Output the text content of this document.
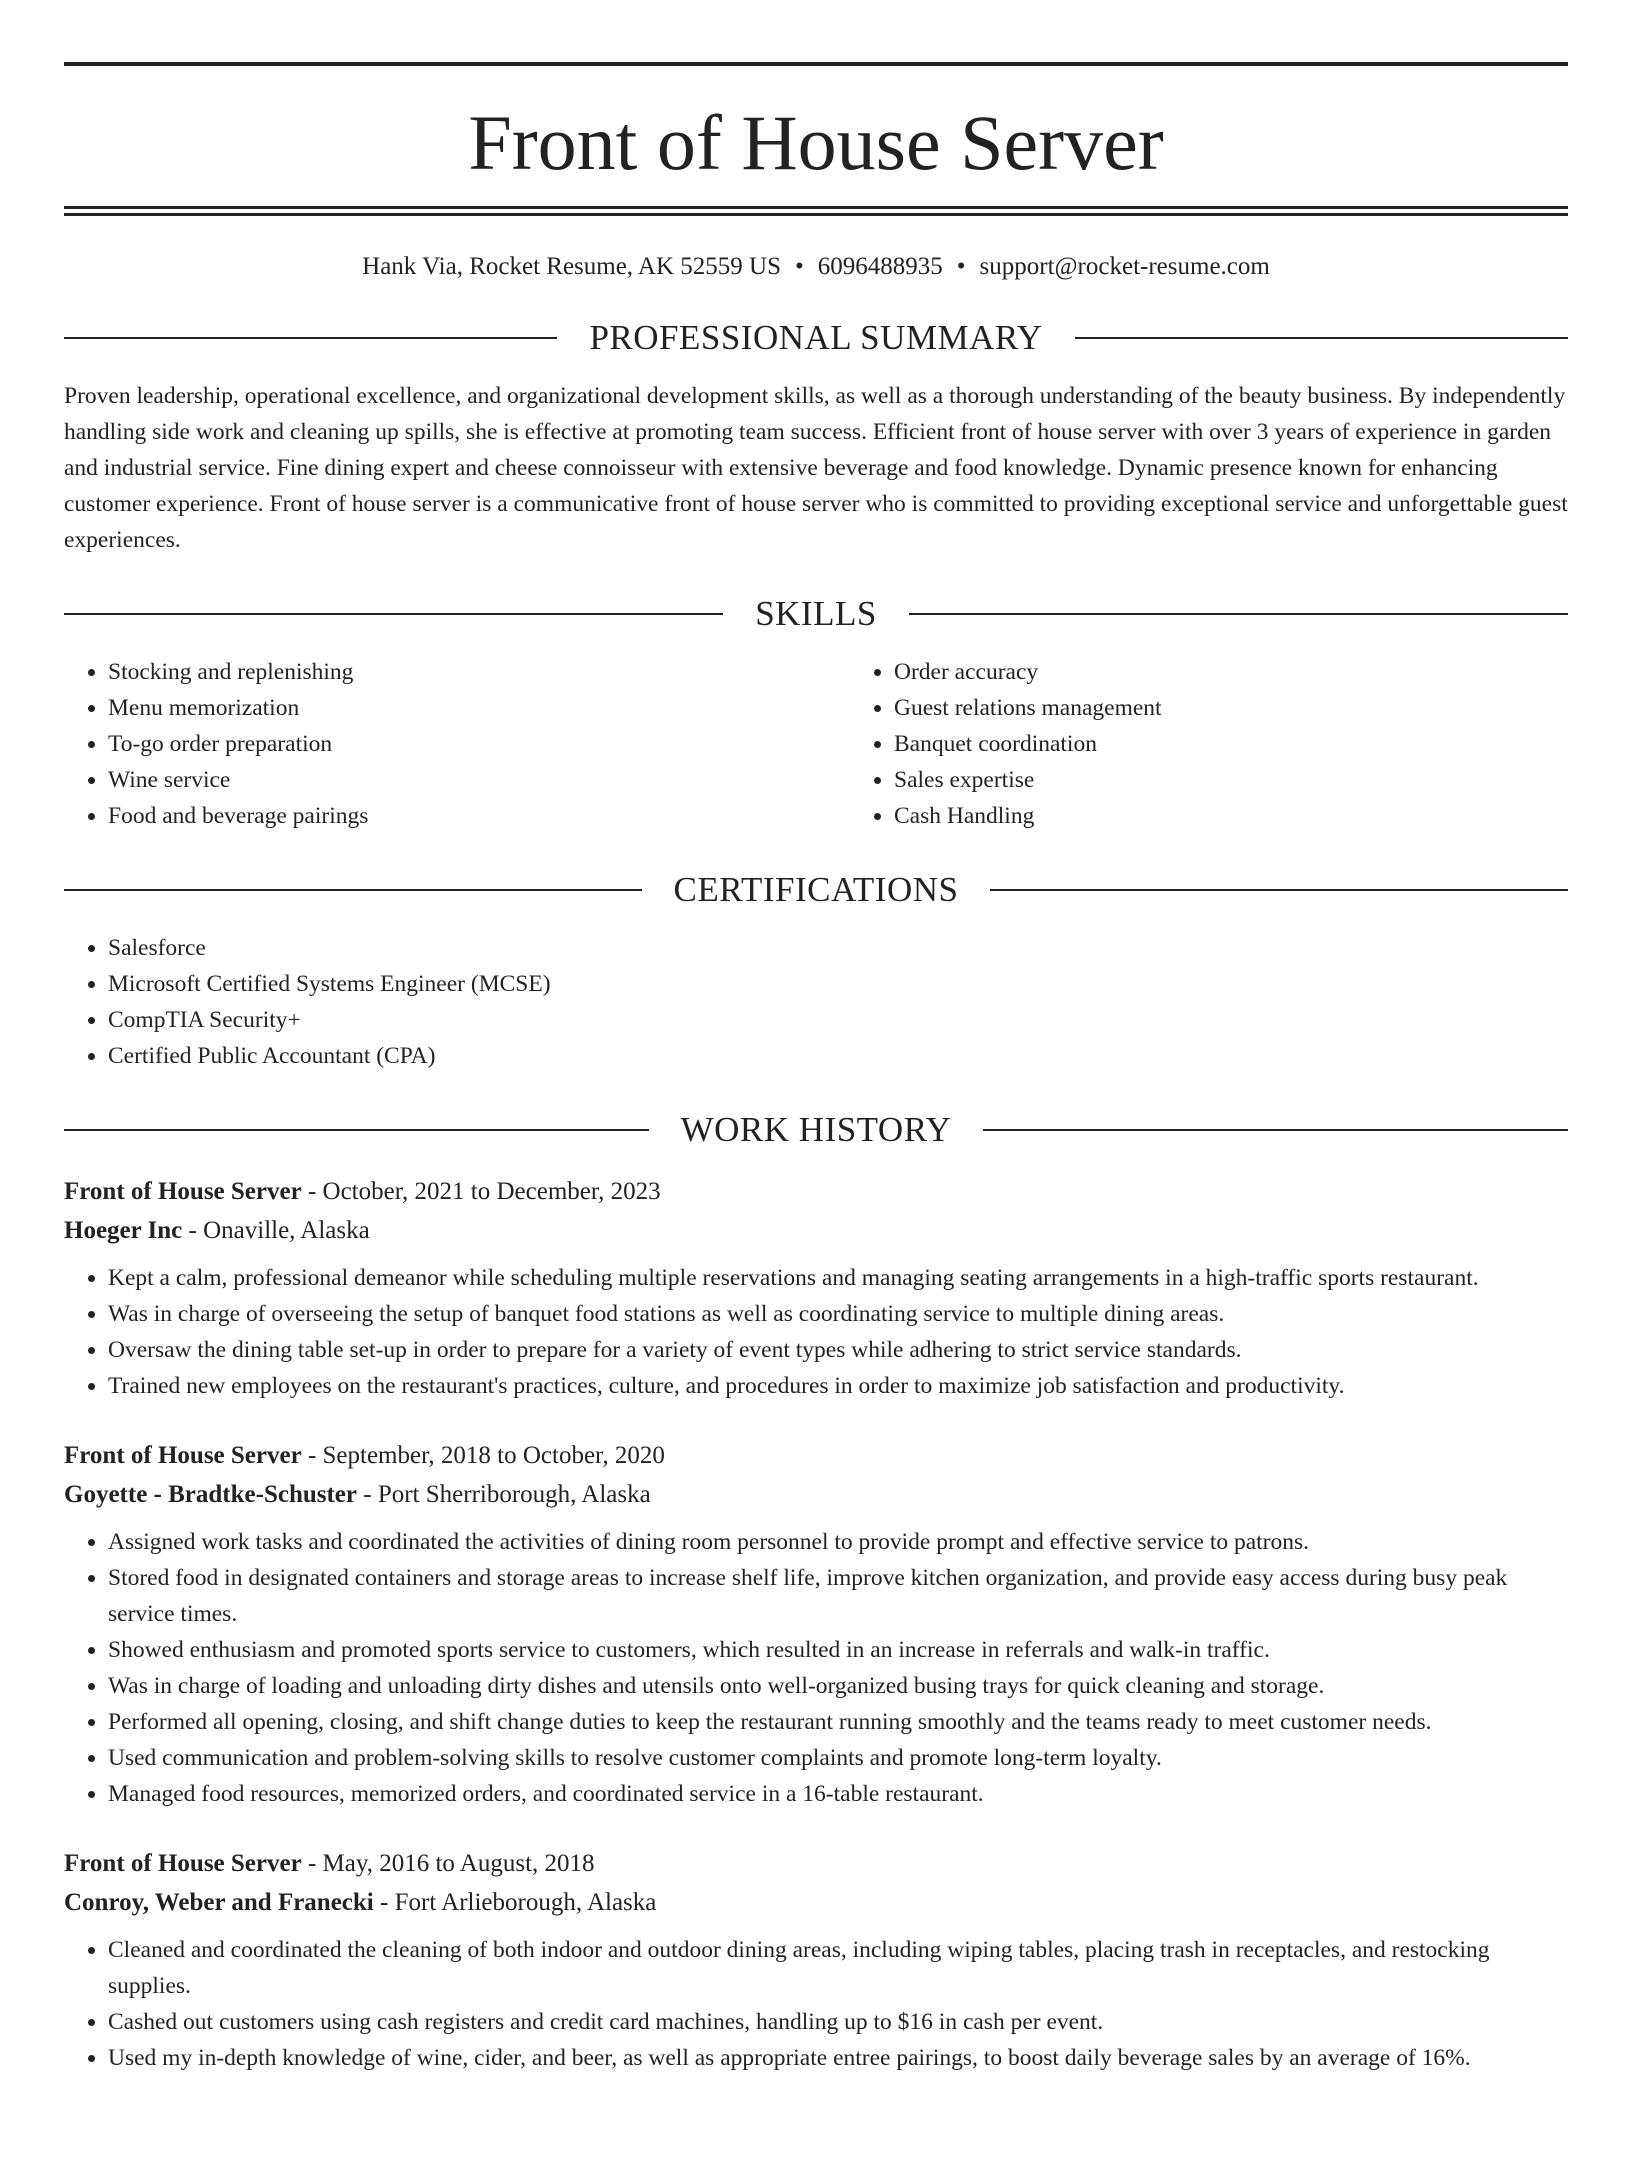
Front of House Server
Hank Via, Rocket Resume, AK 52559 US • 6096488935 • support@rocket-resume.com
PROFESSIONAL SUMMARY

Proven leadership, operational excellence, and organizational development skills, as well as a thorough understanding of the beauty business. By independently handling side work and cleaning up spills, she is effective at promoting team success. Efficient front of house server with over 3 years of experience in garden and industrial service. Fine dining expert and cheese connoisseur with extensive beverage and food knowledge. Dynamic presence known for enhancing customer experience. Front of house server is a communicative front of house server who is committed to providing exceptional service and unforgettable guest experiences.

SKILLS
• Stocking and replenishing
• Menu memorization
• To-go order preparation
• Wine service
• Food and beverage pairings
• Order accuracy
• Guest relations management
• Banquet coordination
• Sales expertise
• Cash Handling
CERTIFICATIONS
• Salesforce
• Microsoft Certified Systems Engineer (MCSE)
• CompTIA Security+
• Certified Public Accountant (CPA)
WORK HISTORY
Front of House Server - October, 2021 to December, 2023
Hoeger Inc - Onaville, Alaska
• Kept a calm, professional demeanor while scheduling multiple reservations and managing seating arrangements in a high-traffic sports restaurant.
• Was in charge of overseeing the setup of banquet food stations as well as coordinating service to multiple dining areas.
• Oversaw the dining table set-up in order to prepare for a variety of event types while adhering to strict service standards.
• Trained new employees on the restaurant's practices, culture, and procedures in order to maximize job satisfaction and productivity.
Front of House Server - September, 2018 to October, 2020
Goyette - Bradtke-Schuster - Port Sherriborough, Alaska
• Assigned work tasks and coordinated the activities of dining room personnel to provide prompt and effective service to patrons.
• Stored food in designated containers and storage areas to increase shelf life, improve kitchen organization, and provide easy access during busy peak service times.
• Showed enthusiasm and promoted sports service to customers, which resulted in an increase in referrals and walk-in traffic.
• Was in charge of loading and unloading dirty dishes and utensils onto well-organized busing trays for quick cleaning and storage.
• Performed all opening, closing, and shift change duties to keep the restaurant running smoothly and the teams ready to meet customer needs.
• Used communication and problem-solving skills to resolve customer complaints and promote long-term loyalty.
• Managed food resources, memorized orders, and coordinated service in a 16-table restaurant.
Front of House Server - May, 2016 to August, 2018
Conroy, Weber and Franecki - Fort Arlieborough, Alaska
• Cleaned and coordinated the cleaning of both indoor and outdoor dining areas, including wiping tables, placing trash in receptacles, and restocking supplies.
• Cashed out customers using cash registers and credit card machines, handling up to $16 in cash per event.
• Used my in-depth knowledge of wine, cider, and beer, as well as appropriate entree pairings, to boost daily beverage sales by an average of 16%.
